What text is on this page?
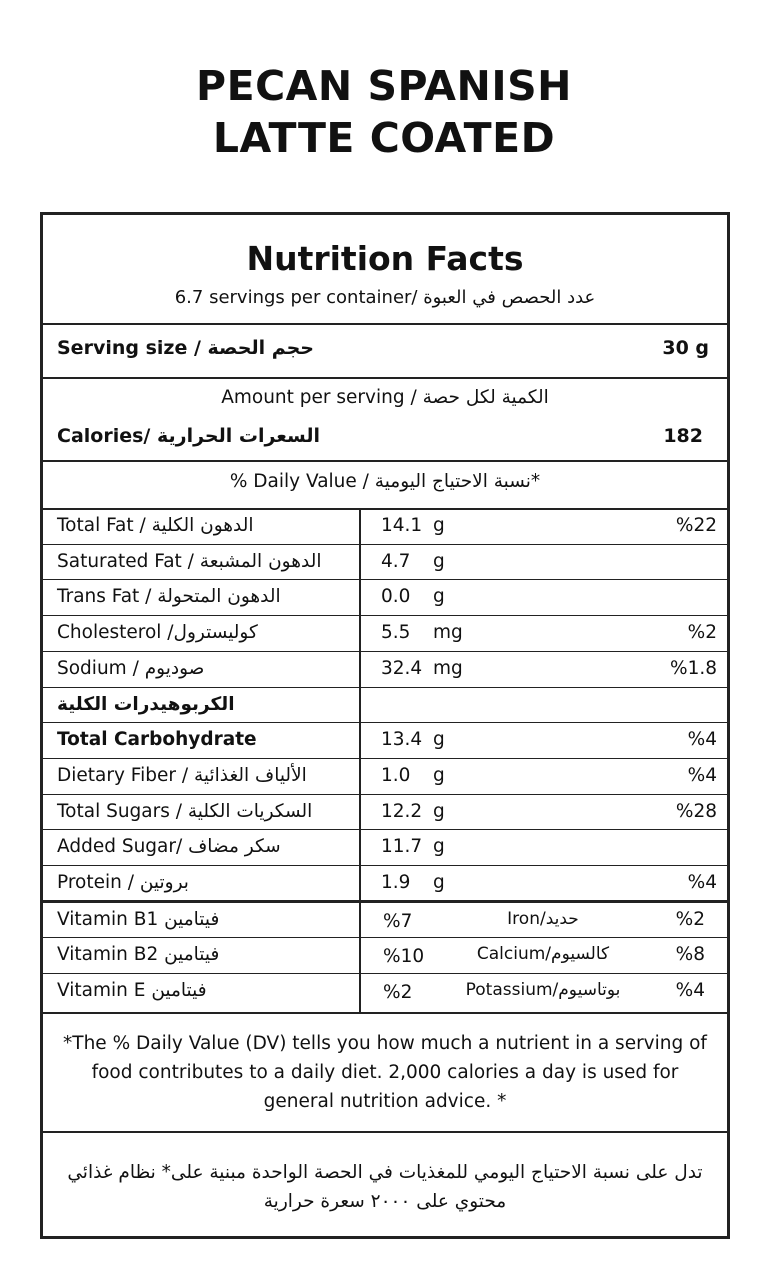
PECAN SPANISH
LATTE COATED
Nutrition Facts
6.7 servings per container/ عدد الحصص في العبوة
Serving size / حجم الحصة	30 g
Amount per serving / الكمية لكل حصة
Calories/ السعرات الحرارية	182
% Daily Value / نسبة الاحتياج اليومية*
Total Fat / الدهون الكلية	14.1 g	%22
Saturated Fat / الدهون المشبعة	4.7 g
Trans Fat / الدهون المتحولة	0.0 g
Cholesterol /كوليسترول	5.5 mg	%2
Sodium / صوديوم	32.4 mg	%1.8
الكربوهيدرات الكلية
Total Carbohydrate	13.4 g	%4
Dietary Fiber / الألياف الغذائية	1.0 g	%4
Total Sugars / السكريات الكلية	12.2 g	%28
Added Sugar/ سكر مضاف	11.7 g
Protein / بروتين	1.9 g	%4
Vitamin B1 فيتامين	%7	Iron/حديد	%2
Vitamin B2 فيتامين	%10	Calcium/كالسيوم	%8
Vitamin E فيتامين	%2	Potassium/بوتاسيوم	%4
*The % Daily Value (DV) tells you how much a nutrient in a serving of food contributes to a daily diet. 2,000 calories a day is used for general nutrition advice. *
تدل على نسبة الاحتياج اليومي للمغذيات في الحصة الواحدة مبنية على* نظام غذائي محتوي على ٢٠٠٠ سعرة حرارية
